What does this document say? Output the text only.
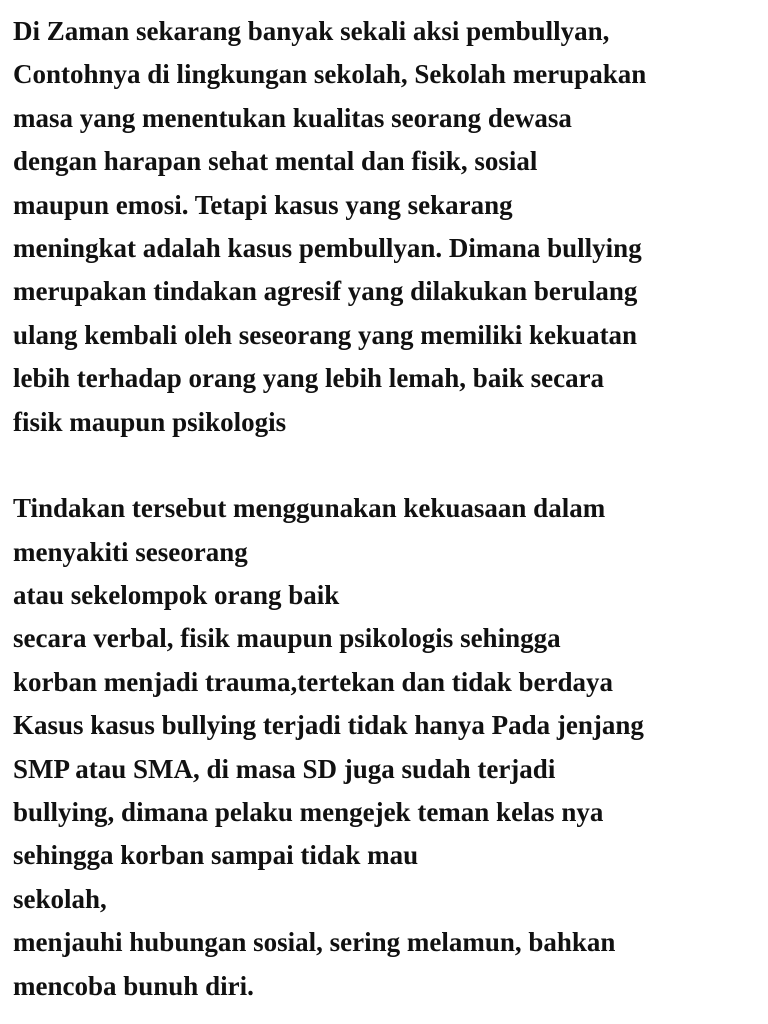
Di Zaman sekarang banyak sekali aksi pembullyan,
Contohnya di lingkungan sekolah, Sekolah merupakan
masa yang menentukan kualitas seorang dewasa
dengan harapan sehat mental dan fisik, sosial
maupun emosi. Tetapi kasus yang sekarang
meningkat adalah kasus pembullyan. Dimana bullying
merupakan tindakan agresif yang dilakukan berulang
ulang kembali oleh seseorang yang memiliki kekuatan
lebih terhadap orang yang lebih lemah, baik secara
fisik maupun psikologis
Tindakan tersebut menggunakan kekuasaan dalam
menyakiti seseorang
atau sekelompok orang baik
secara verbal, fisik maupun psikologis sehingga
korban menjadi trauma,tertekan dan tidak berdaya
Kasus kasus bullying terjadi tidak hanya Pada jenjang
SMP atau SMA, di masa SD juga sudah terjadi
bullying, dimana pelaku mengejek teman kelas nya
sehingga korban sampai tidak mau
sekolah,
menjauhi hubungan sosial, sering melamun, bahkan
mencoba bunuh diri.
